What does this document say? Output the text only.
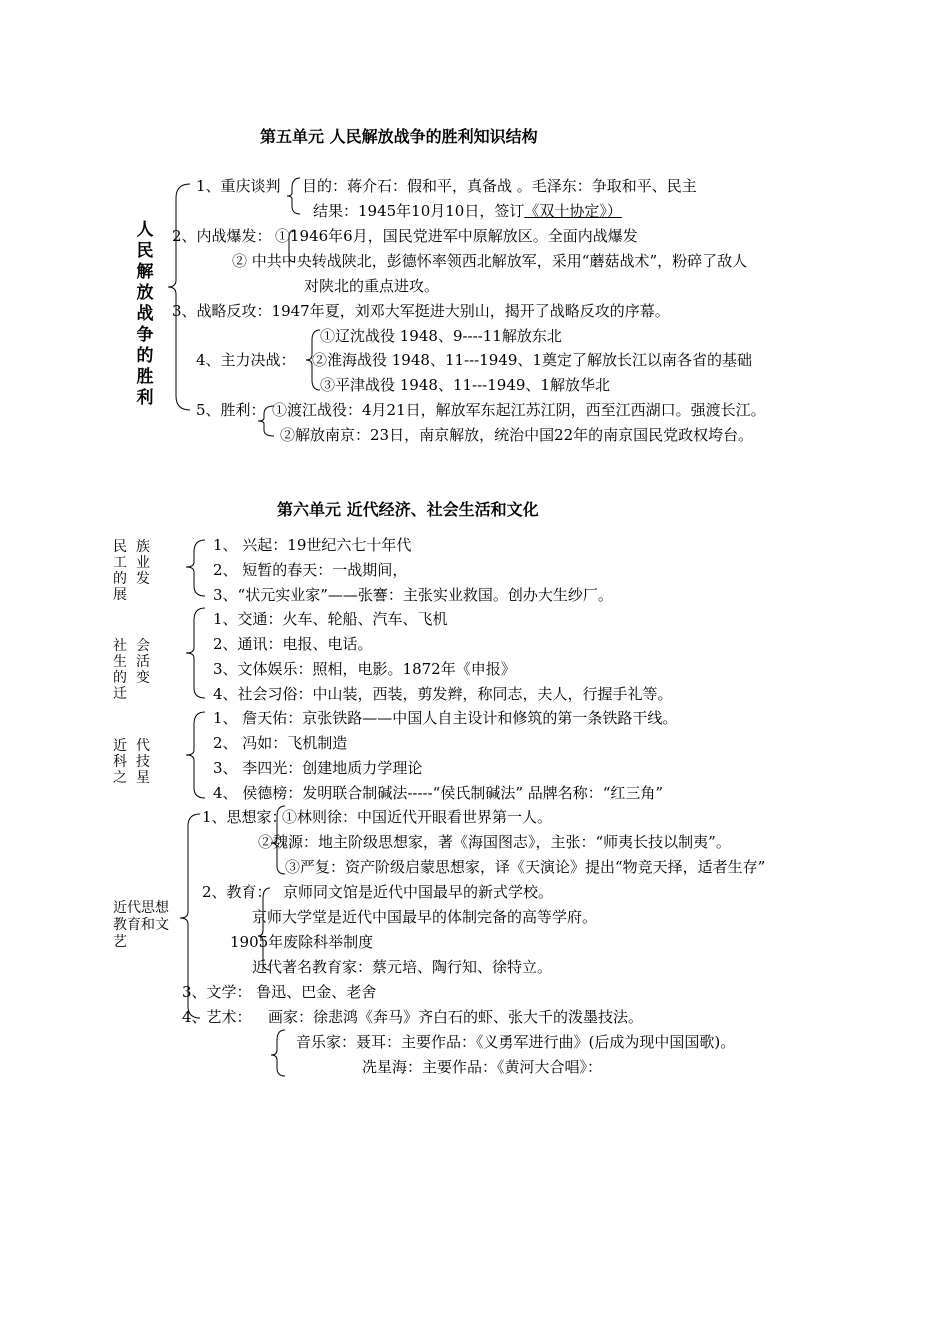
第五单元 人民解放战争的胜利知识结构
人民解放战争的胜利
1、重庆谈判 目的：蒋介石：假和平，真备战 。毛泽东：争取和平、民主
结果：1945年10月10日，签订《双十协定》）
2、内战爆发： ①1946年6月，国民党进军中原解放区。全面内战爆发
② 中共中央转战陕北，彭德怀率领西北解放军，采用“蘑菇战术”，粉碎了敌人
对陕北的重点进攻。
3、战略反攻：1947年夏，刘邓大军挺进大别山，揭开了战略反攻的序幕。
4、主力决战：
①辽沈战役 1948、9----11解放东北
②淮海战役 1948、11---1949、1奠定了解放长江以南各省的基础
③平津战役 1948、11---1949、1解放华北
5、胜利： ①渡江战役：4月21日，解放军东起江苏江阴，西至江西湖口。强渡长江。
②解放南京：23日，南京解放，统治中国22年的南京国民党政权垮台。
第六单元 近代经济、社会生活和文化
民族工业的发展
1、 兴起：19世纪六七十年代
2、 短暂的春天：一战期间，
3、“状元实业家”——张謇：主张实业救国。创办大生纱厂。
社会生活的变迁
1、交通：火车、轮船、汽车、飞机
2、通讯：电报、电话。
3、文体娱乐：照相，电影。1872年《申报》
4、社会习俗：中山装，西装，剪发辫，称同志，夫人，行握手礼等。
近代科技之星
1、 詹天佑：京张铁路——中国人自主设计和修筑的第一条铁路干线。
2、 冯如：飞机制造
3、 李四光：创建地质力学理论
4、 侯德榜：发明联合制碱法-----“侯氏制碱法” 品牌名称：“红三角”
近代思想教育和文艺
1、思想家：
①林则徐：中国近代开眼看世界第一人。
②魏源：地主阶级思想家，著《海国图志》，主张：“师夷长技以制夷”。
③严复：资产阶级启蒙思想家，译《天演论》提出“物竞天择，适者生存”
2、教育： 京师同文馆是近代中国最早的新式学校。
京师大学堂是近代中国最早的体制完备的高等学府。
1905年废除科举制度
近代著名教育家：蔡元培、陶行知、徐特立。
3、文学： 鲁迅、巴金、老舍
4、艺术： 画家：徐悲鸿《奔马》齐白石的虾、张大千的泼墨技法。
音乐家：聂耳：主要作品：《义勇军进行曲》(后成为现中国国歌)。
冼星海：主要作品：《黄河大合唱》：
